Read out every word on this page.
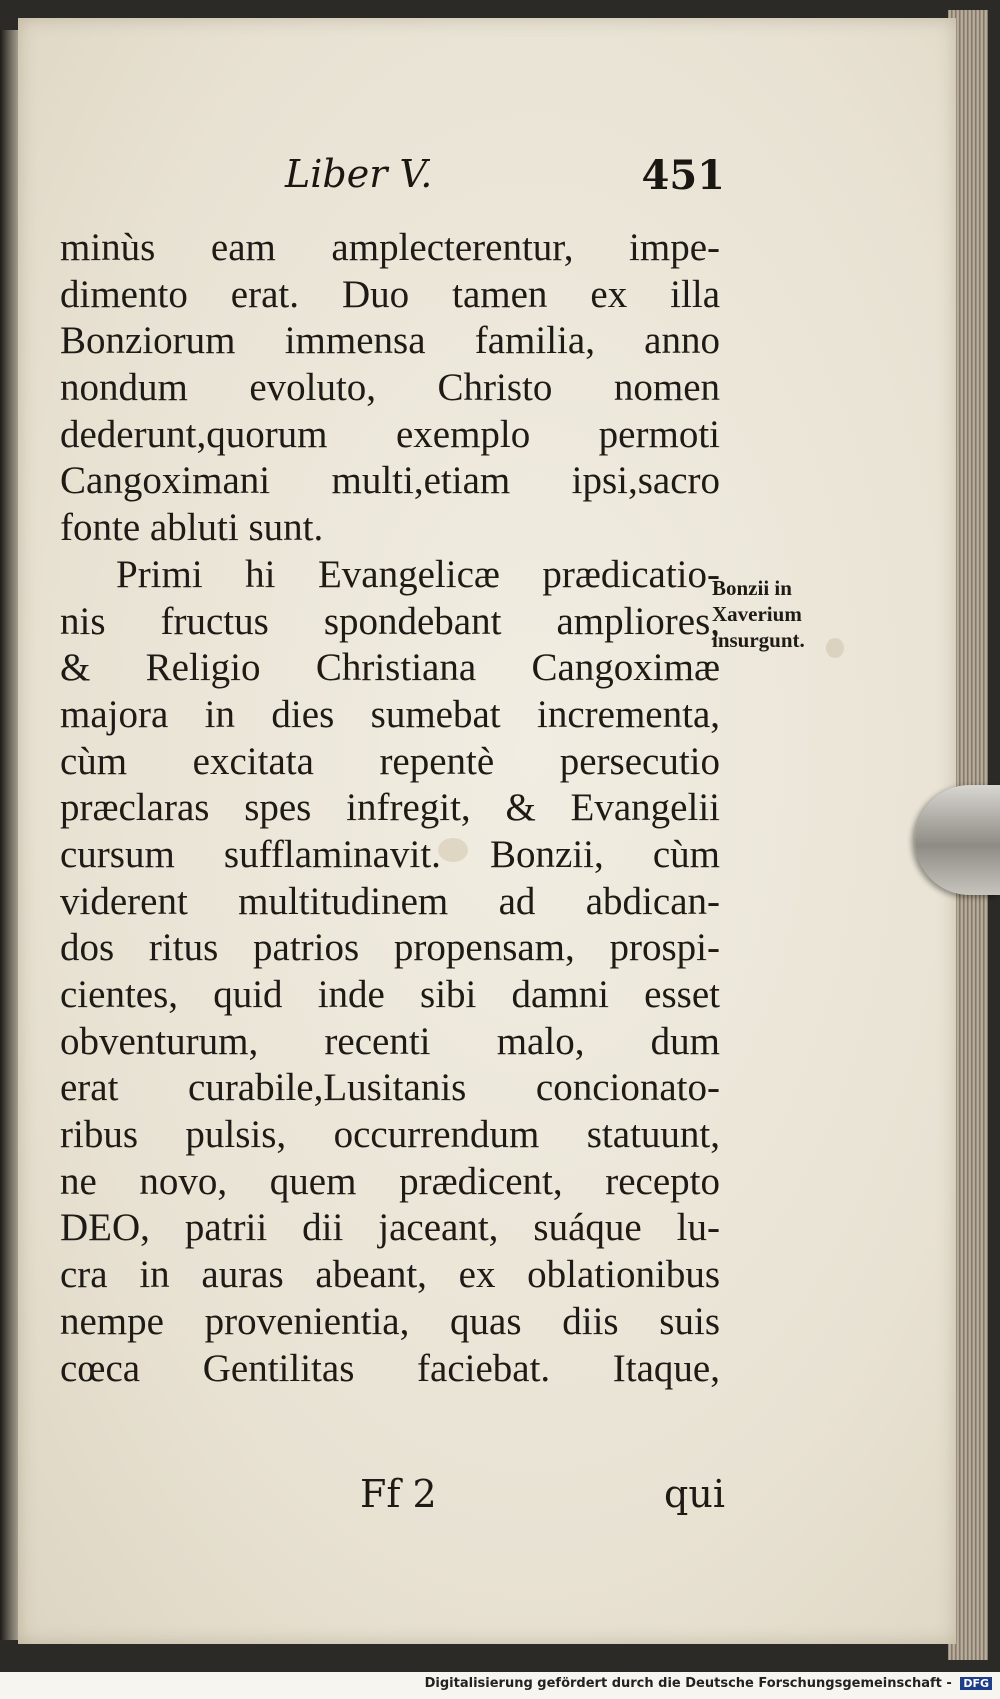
Liber V.	451
minùs eam amplecterentur, impe-
dimento erat. Duo tamen ex illa
Bonziorum immensa familia, anno
nondum evoluto, Christo nomen
dederunt,quorum exemplo permoti
Cangoximani multi,etiam ipsi,sacro
fonte abluti sunt.
Primi hi Evangelicæ prædicatio-
nis fructus spondebant ampliores,
& Religio Christiana Cangoximæ
majora in dies sumebat incrementa,
cùm excitata repentè persecutio
præclaras spes infregit, & Evangelii
cursum sufflaminavit. Bonzii, cùm
viderent multitudinem ad abdican-
dos ritus patrios propensam, prospi-
cientes, quid inde sibi damni esset
obventurum, recenti malo, dum
erat curabile,Lusitanis concionato-
ribus pulsis, occurrendum statuunt,
ne novo, quem prædicent, recepto
DEO, patrii dii jaceant, suáque lu-
cra in auras abeant, ex oblationibus
nempe provenientia, quas diis suis
cœca Gentilitas faciebat. Itaque,
Bonzii in
Xaverium
insurgunt.
Ff 2	qui
Digitalisierung gefördert durch die Deutsche Forschungsgemeinschaft - DFG
